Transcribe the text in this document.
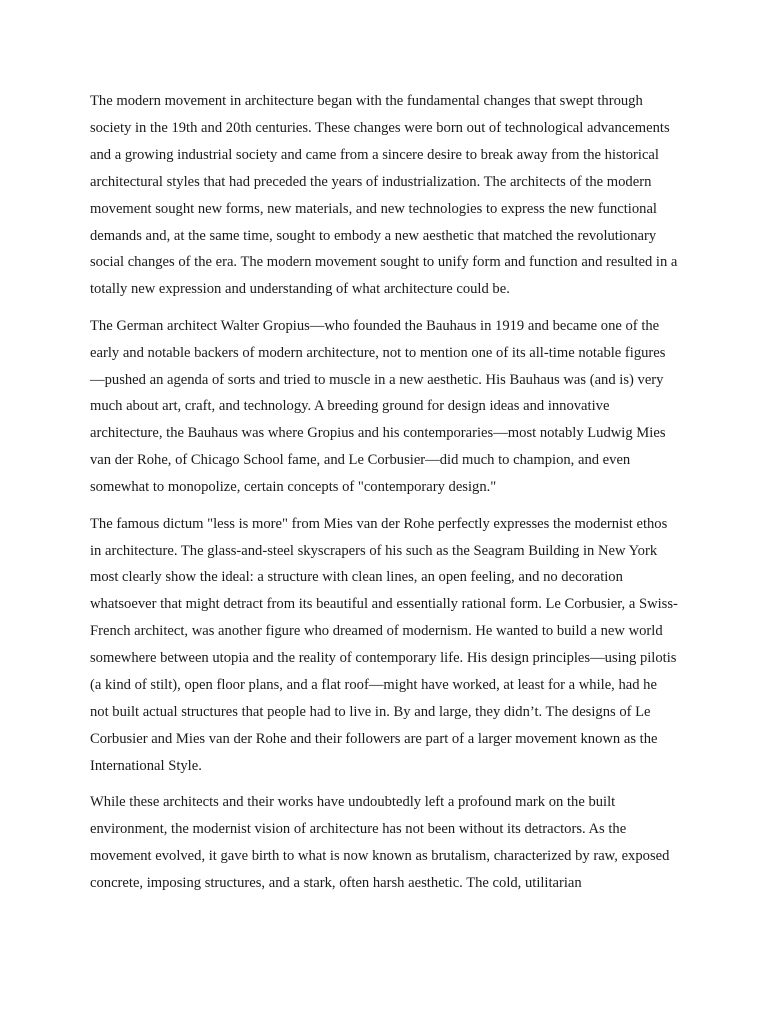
The modern movement in architecture began with the fundamental changes that swept through society in the 19th and 20th centuries. These changes were born out of technological advancements and a growing industrial society and came from a sincere desire to break away from the historical architectural styles that had preceded the years of industrialization. The architects of the modern movement sought new forms, new materials, and new technologies to express the new functional demands and, at the same time, sought to embody a new aesthetic that matched the revolutionary social changes of the era. The modern movement sought to unify form and function and resulted in a totally new expression and understanding of what architecture could be.

The German architect Walter Gropius—who founded the Bauhaus in 1919 and became one of the early and notable backers of modern architecture, not to mention one of its all-time notable figures—pushed an agenda of sorts and tried to muscle in a new aesthetic. His Bauhaus was (and is) very much about art, craft, and technology. A breeding ground for design ideas and innovative architecture, the Bauhaus was where Gropius and his contemporaries—most notably Ludwig Mies van der Rohe, of Chicago School fame, and Le Corbusier—did much to champion, and even somewhat to monopolize, certain concepts of "contemporary design."

The famous dictum "less is more" from Mies van der Rohe perfectly expresses the modernist ethos in architecture. The glass-and-steel skyscrapers of his such as the Seagram Building in New York most clearly show the ideal: a structure with clean lines, an open feeling, and no decoration whatsoever that might detract from its beautiful and essentially rational form. Le Corbusier, a Swiss-French architect, was another figure who dreamed of modernism. He wanted to build a new world somewhere between utopia and the reality of contemporary life. His design principles—using pilotis (a kind of stilt), open floor plans, and a flat roof—might have worked, at least for a while, had he not built actual structures that people had to live in. By and large, they didn’t. The designs of Le Corbusier and Mies van der Rohe and their followers are part of a larger movement known as the International Style.

While these architects and their works have undoubtedly left a profound mark on the built environment, the modernist vision of architecture has not been without its detractors. As the movement evolved, it gave birth to what is now known as brutalism, characterized by raw, exposed concrete, imposing structures, and a stark, often harsh aesthetic. The cold, utilitarian
